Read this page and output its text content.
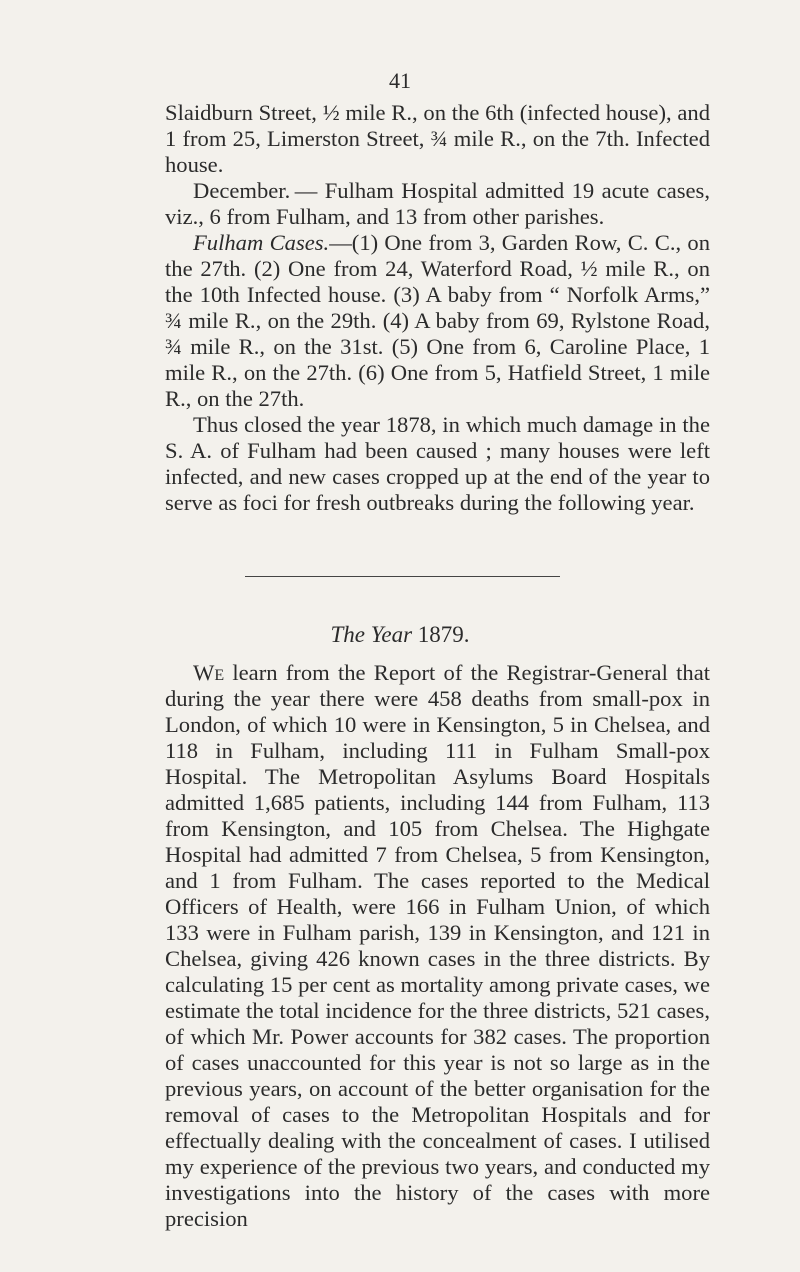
41

Slaidburn Street, ½ mile R., on the 6th (infected house), and 1 from 25, Limerston Street, ¾ mile R., on the 7th. Infected house.

December. — Fulham Hospital admitted 19 acute cases, viz., 6 from Fulham, and 13 from other parishes.

Fulham Cases.—(1) One from 3, Garden Row, C. C., on the 27th. (2) One from 24, Waterford Road, ½ mile R., on the 10th Infected house. (3) A baby from “ Norfolk Arms,” ¾ mile R., on the 29th. (4) A baby from 69, Rylstone Road, ¾ mile R., on the 31st. (5) One from 6, Caroline Place, 1 mile R., on the 27th. (6) One from 5, Hatfield Street, 1 mile R., on the 27th.

Thus closed the year 1878, in which much damage in the S. A. of Fulham had been caused ; many houses were left infected, and new cases cropped up at the end of the year to serve as foci for fresh outbreaks during the following year.

The Year 1879.

We learn from the Report of the Registrar-General that during the year there were 458 deaths from small-pox in London, of which 10 were in Kensington, 5 in Chelsea, and 118 in Fulham, including 111 in Fulham Small-pox Hospital. The Metropolitan Asylums Board Hospitals admitted 1,685 patients, including 144 from Fulham, 113 from Kensington, and 105 from Chelsea. The Highgate Hospital had admitted 7 from Chelsea, 5 from Kensington, and 1 from Fulham. The cases reported to the Medical Officers of Health, were 166 in Fulham Union, of which 133 were in Fulham parish, 139 in Kensington, and 121 in Chelsea, giving 426 known cases in the three districts. By calculating 15 per cent as mortality among private cases, we estimate the total incidence for the three districts, 521 cases, of which Mr. Power accounts for 382 cases. The proportion of cases unaccounted for this year is not so large as in the previous years, on account of the better organisation for the removal of cases to the Metropolitan Hospitals and for effectually dealing with the concealment of cases. I utilised my experience of the previous two years, and conducted my investigations into the history of the cases with more precision
